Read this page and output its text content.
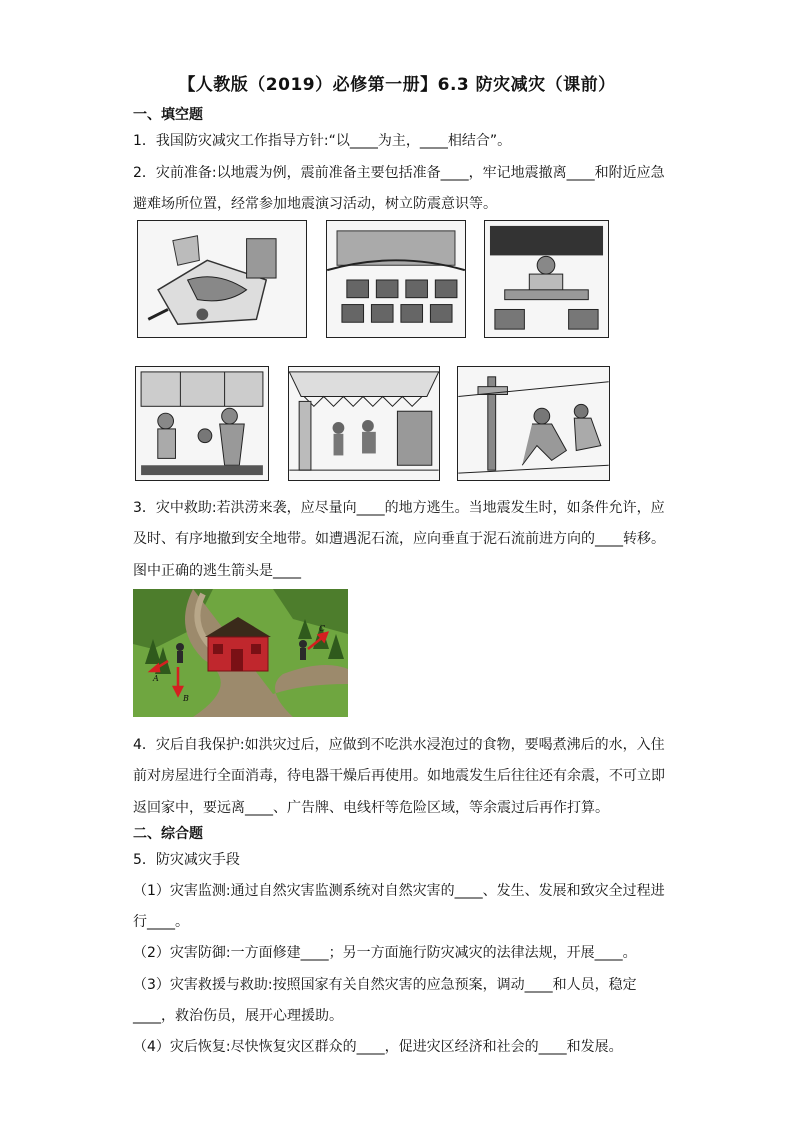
【人教版（2019）必修第一册】6.3 防灾减灾（课前）
一、填空题
1．我国防灾减灾工作指导方针:“以____为主，____相结合”。
2．灾前准备:以地震为例，震前准备主要包括准备____，牢记地震撤离____和附近应急
避难场所位置，经常参加地震演习活动，树立防震意识等。
3．灾中救助:若洪涝来袭，应尽量向____的地方逃生。当地震发生时，如条件允许，应
及时、有序地撤到安全地带。如遭遇泥石流，应向垂直于泥石流前进方向的____转移。
图中正确的逃生箭头是____
A
B
C
4．灾后自我保护:如洪灾过后，应做到不吃洪水浸泡过的食物，要喝煮沸后的水，入住
前对房屋进行全面消毒，待电器干燥后再使用。如地震发生后往往还有余震，不可立即
返回家中，要远离____、广告牌、电线杆等危险区域，等余震过后再作打算。
二、综合题
5．防灾减灾手段
（1）灾害监测:通过自然灾害监测系统对自然灾害的____、发生、发展和致灾全过程进
行____。
（2）灾害防御:一方面修建____；另一方面施行防灾减灾的法律法规，开展____。
（3）灾害救援与救助:按照国家有关自然灾害的应急预案，调动____和人员，稳定
____，救治伤员，展开心理援助。
（4）灾后恢复:尽快恢复灾区群众的____，促进灾区经济和社会的____和发展。
